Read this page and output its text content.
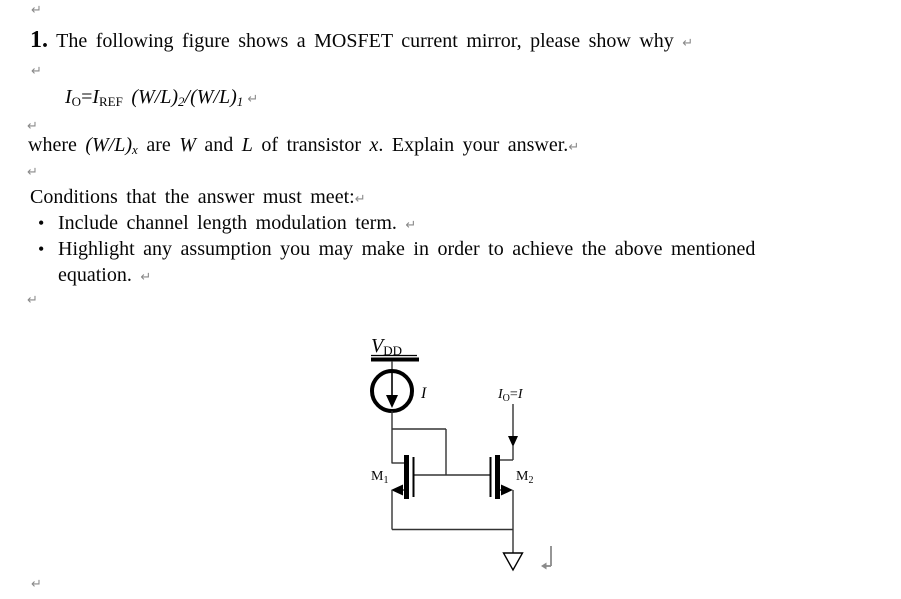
↵
↵
↵
↵
↵
↵
1. The following figure shows a MOSFET current mirror, please show why ↵
IO=IREF (W/L)2/(W/L)1 ↵
where (W/L)x are W and L of transistor x. Explain your answer.↵
Conditions that the answer must meet:↵
• Include channel length modulation term. ↵
• Highlight any assumption you may make in order to achieve the above mentioned
equation. ↵
VDD
I
$M_1$
$I_O=I$
$M_2$
